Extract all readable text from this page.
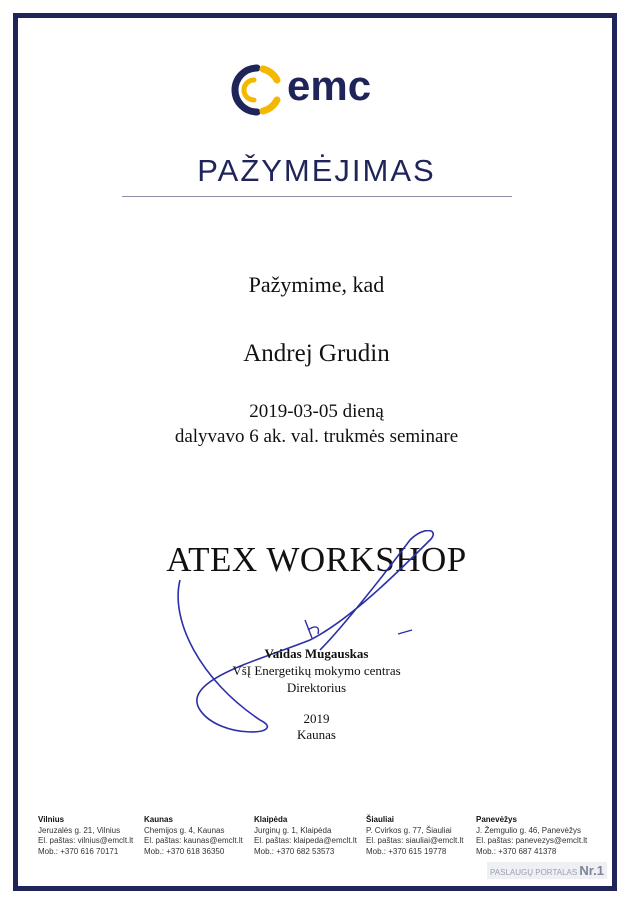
emc
PAŽYMĖJIMAS
Pažymime, kad
Andrej Grudin
2019-03-05 dieną
dalyvavo 6 ak. val. trukmės seminare
ATEX WORKSHOP
Vaidas Mugauskas
VšĮ Energetikų mokymo centras
Direktorius
2019
Kaunas
Vilnius
Jeruzalės g. 21, Vilnius
El. paštas: vilnius@emclt.lt
Mob.: +370 616 70171
Kaunas
Chemijos g. 4, Kaunas
El. paštas: kaunas@emclt.lt
Mob.: +370 618 36350
Klaipėda
Jurginų g. 1, Klaipėda
El. paštas: klaipeda@emclt.lt
Mob.: +370 682 53573
Šiauliai
P. Cvirkos g. 77, Šiauliai
El. paštas: siauliai@emclt.lt
Mob.: +370 615 19778
Panevėžys
J. Žemgulio g. 46, Panevėžys
El. paštas: panevezys@emclt.lt
Mob.: +370 687 41378
PASLAUGŲ PORTALAS Nr.1
